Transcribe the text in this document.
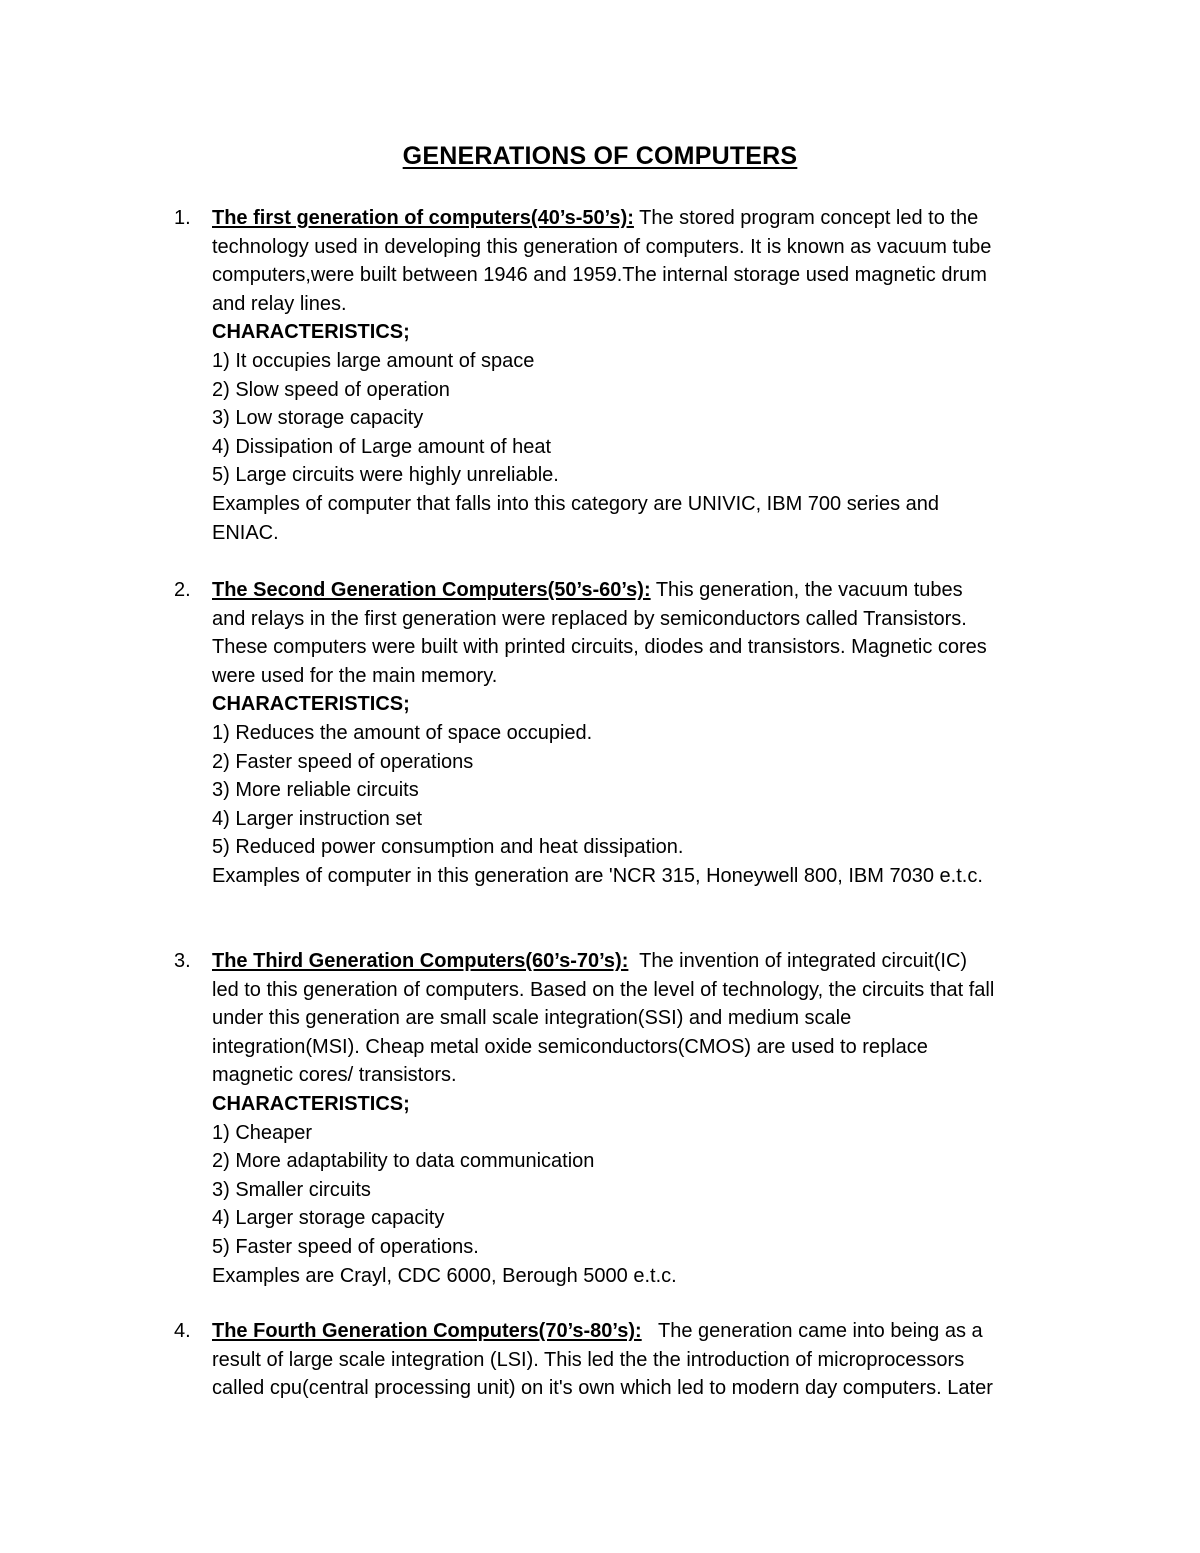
GENERATIONS OF COMPUTERS
1. The first generation of computers(40’s-50’s): The stored program concept led to the
technology used in developing this generation of computers. It is known as vacuum tube
computers,were built between 1946 and 1959.The internal storage used magnetic drum
and relay lines.
CHARACTERISTICS;
1) It occupies large amount of space
2) Slow speed of operation
3) Low storage capacity
4) Dissipation of Large amount of heat
5) Large circuits were highly unreliable.
Examples of computer that falls into this category are UNIVIC, IBM 700 series and
ENIAC.
2. The Second Generation Computers(50’s-60’s): This generation, the vacuum tubes
and relays in the first generation were replaced by semiconductors called Transistors.
These computers were built with printed circuits, diodes and transistors. Magnetic cores
were used for the main memory.
CHARACTERISTICS;
1) Reduces the amount of space occupied.
2) Faster speed of operations
3) More reliable circuits
4) Larger instruction set
5) Reduced power consumption and heat dissipation.
Examples of computer in this generation are 'NCR 315, Honeywell 800, IBM 7030 e.t.c.
3. The Third Generation Computers(60’s-70’s):  The invention of integrated circuit(IC)
led to this generation of computers. Based on the level of technology, the circuits that fall
under this generation are small scale integration(SSI) and medium scale
integration(MSI). Cheap metal oxide semiconductors(CMOS) are used to replace
magnetic cores/ transistors.
CHARACTERISTICS;
1) Cheaper
2) More adaptability to data communication
3) Smaller circuits
4) Larger storage capacity
5) Faster speed of operations.
Examples are Crayl, CDC 6000, Berough 5000 e.t.c.
4. The Fourth Generation Computers(70’s-80’s):   The generation came into being as a
result of large scale integration (LSI). This led the the introduction of microprocessors
called cpu(central processing unit) on it's own which led to modern day computers. Later
